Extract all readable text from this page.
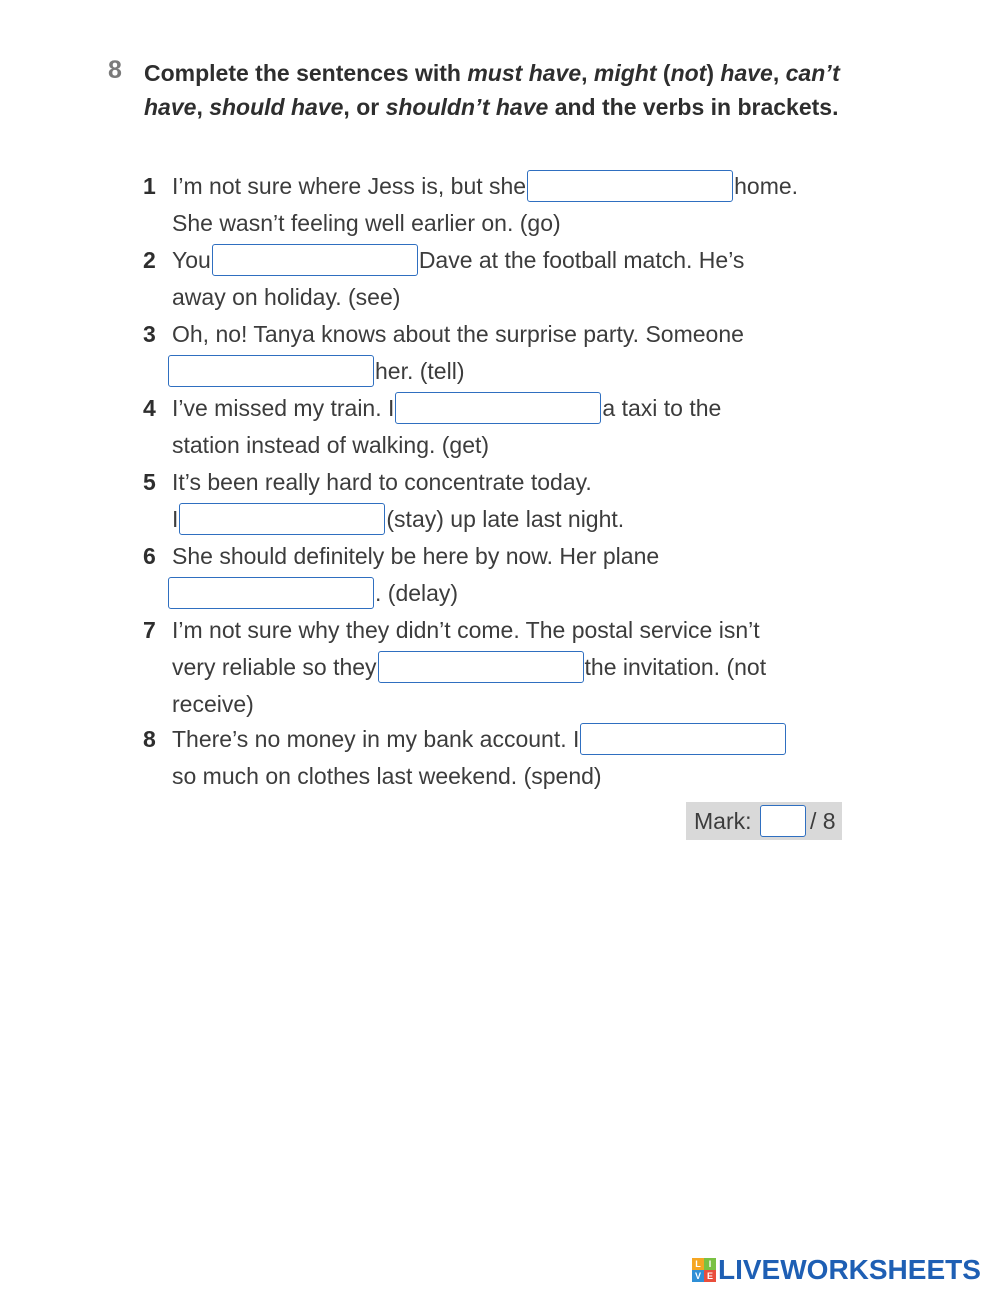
8 Complete the sentences with must have, might (not) have, can’t have, should have, or shouldn’t have and the verbs in brackets.
1 I’m not sure where Jess is, but she	home.
She wasn’t feeling well earlier on. (go)
2 You	Dave at the football match. He’s
away on holiday. (see)
3 Oh, no! Tanya knows about the surprise party. Someone
her. (tell)
4 I’ve missed my train. I	a taxi to the
station instead of walking. (get)
5 It’s been really hard to concentrate today.
I	(stay) up late last night.
6 She should definitely be here by now. Her plane
. (delay)
7 I’m not sure why they didn’t come. The postal service isn’t
very reliable so they	the invitation. (not
receive)
8 There’s no money in my bank account. I
so much on clothes last weekend. (spend)
Mark:	/ 8
L I
V E LIVEWORKSHEETS
